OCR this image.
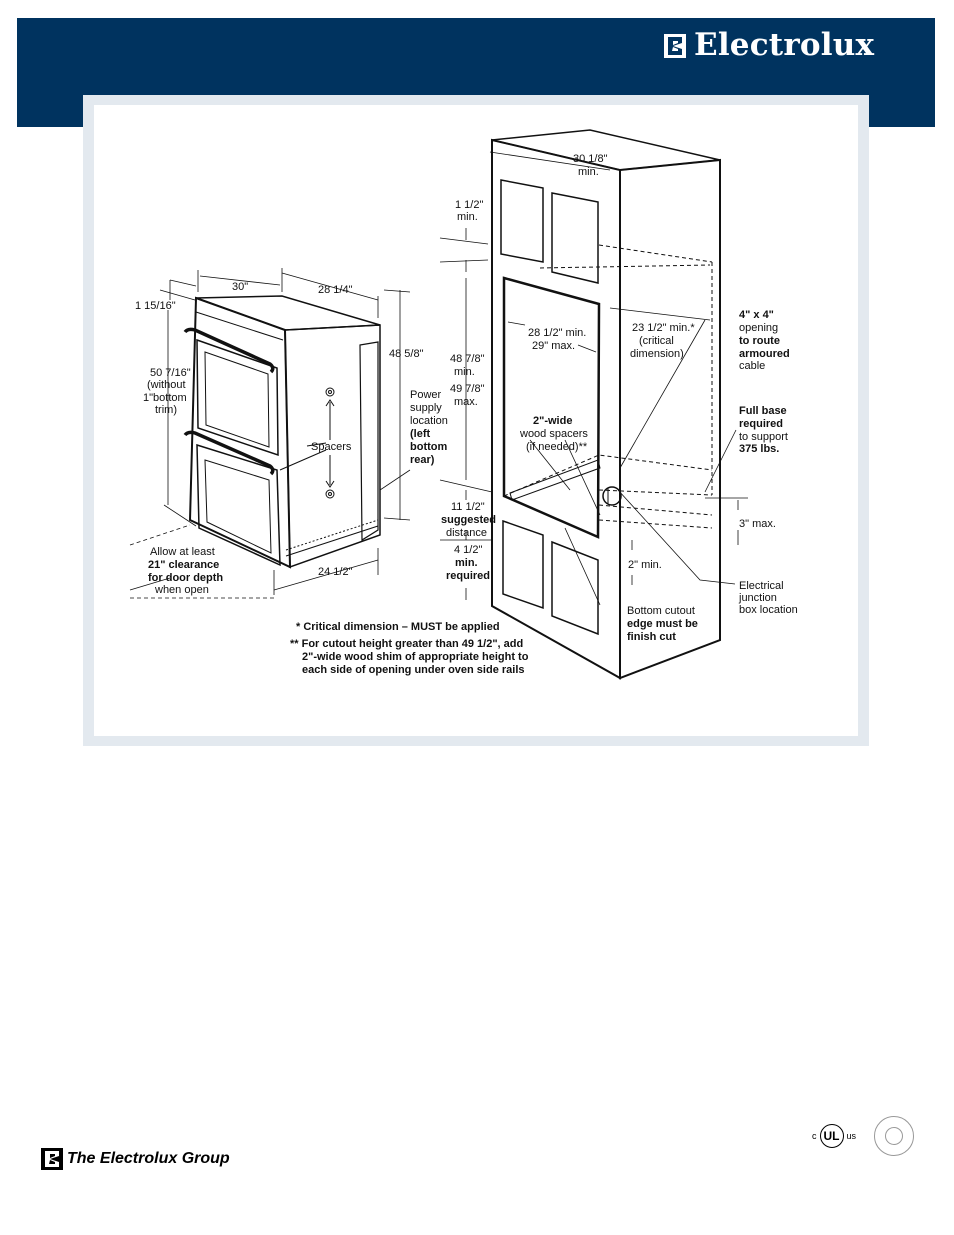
Electrolux
30"	28 1/4"
1 15/16"
50 7/16"
(without
1"bottom
trim)
48 5/8"
Power
supply
location
(left
bottom
rear)
Spacers
24 1/2"
Allow at least
21" clearance
for door depth
when open
30 1/8"
min.
1 1/2"
min.
28 1/2" min.
29" max.
23 1/2" min.*
(critical
dimension)
48 7/8"
min.
49 7/8"
max.
2"-wide
wood spacers
(if needed)**
4" x 4"
opening
to route
armoured
cable
Full base
required
to support
375 lbs.
11 1/2"
suggested
distance
4 1/2"
min.
required
3" max.
2" min.
Electrical
junction
box location
Bottom cutout
edge must be
finish cut
* Critical dimension – MUST be applied
** For cutout height greater than 49 1/2", add
2"-wide wood shim of appropriate height to
each side of opening under oven side rails
The Electrolux Group
c UL us
